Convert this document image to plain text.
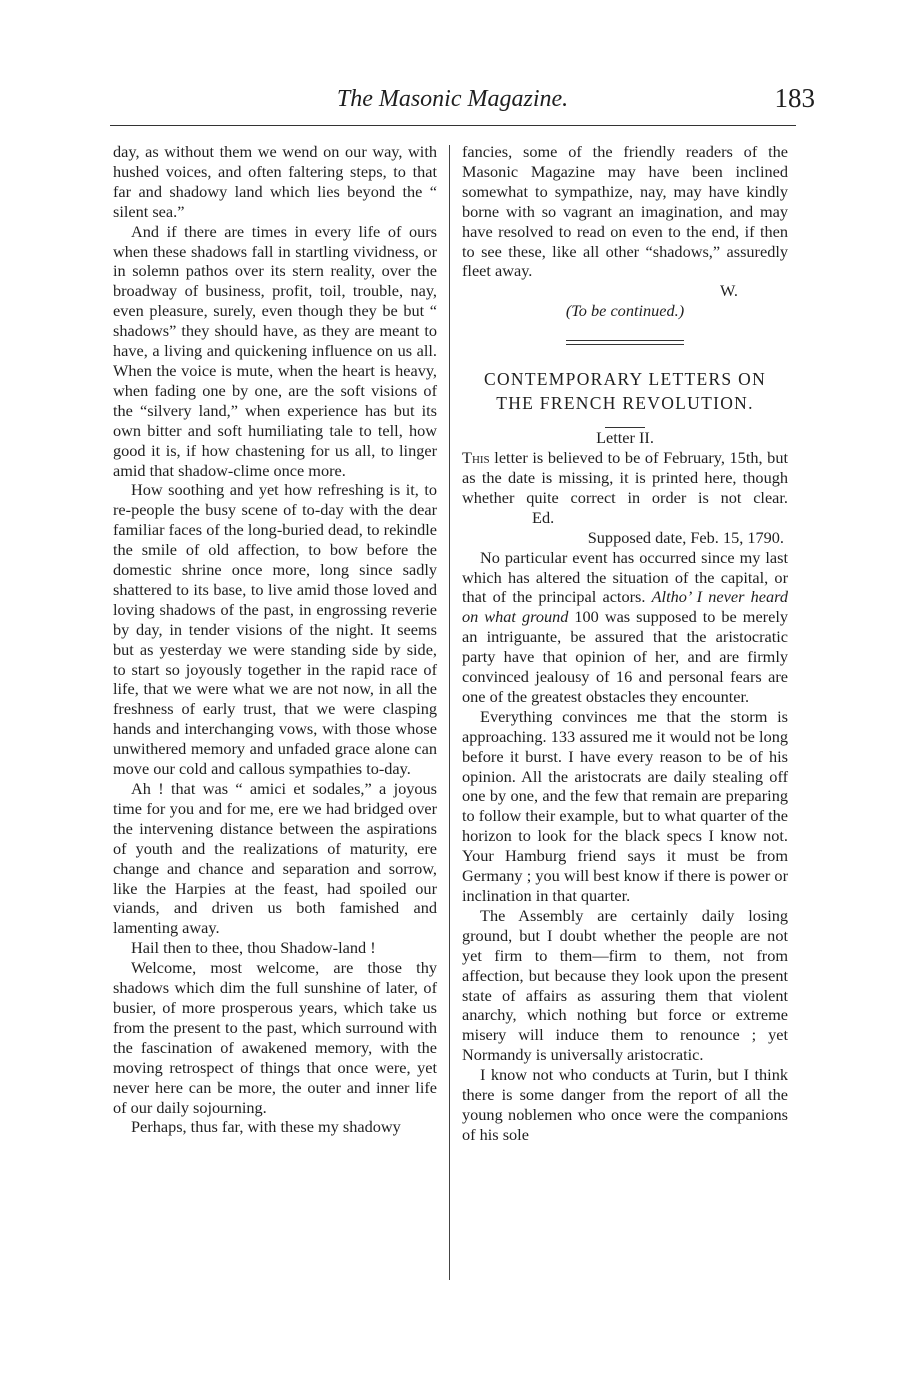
The Masonic Magazine.	183

day, as without them we wend on our way, with hushed voices, and often faltering steps, to that far and shadowy land which lies beyond the “ silent sea.”

And if there are times in every life of ours when these shadows fall in startling vividness, or in solemn pathos over its stern reality, over the broadway of business, profit, toil, trouble, nay, even pleasure, surely, even though they be but “ shadows” they should have, as they are meant to have, a living and quickening influence on us all. When the voice is mute, when the heart is heavy, when fading one by one, are the soft visions of the “silvery land,” when experience has but its own bitter and soft humiliating tale to tell, how good it is, if how chastening for us all, to linger amid that shadow-clime once more.

How soothing and yet how refreshing is it, to re-people the busy scene of to-day with the dear familiar faces of the long-buried dead, to rekindle the smile of old affection, to bow before the domestic shrine once more, long since sadly shattered to its base, to live amid those loved and loving shadows of the past, in engrossing reverie by day, in tender visions of the night. It seems but as yesterday we were standing side by side, to start so joyously together in the rapid race of life, that we were what we are not now, in all the freshness of early trust, that we were clasping hands and interchanging vows, with those whose unwithered memory and unfaded grace alone can move our cold and callous sympathies to-day.

Ah ! that was “ amici et sodales,” a joyous time for you and for me, ere we had bridged over the intervening distance between the aspirations of youth and the realizations of maturity, ere change and chance and separation and sorrow, like the Harpies at the feast, had spoiled our viands, and driven us both famished and lamenting away.

Hail then to thee, thou Shadow-land !

Welcome, most welcome, are those thy shadows which dim the full sunshine of later, of busier, of more prosperous years, which take us from the present to the past, which surround with the fascination of awakened memory, with the moving retrospect of things that once were, yet never here can be more, the outer and inner life of our daily sojourning.

Perhaps, thus far, with these my shadowy

fancies, some of the friendly readers of the Masonic Magazine may have been inclined somewhat to sympathize, nay, may have kindly borne with so vagrant an imagination, and may have resolved to read on even to the end, if then to see these, like all other “shadows,” assuredly fleet away.

W.

(To be continued.)

CONTEMPORARY LETTERS ON
THE FRENCH REVOLUTION.

Letter II.

This letter is believed to be of February, 15th, but as the date is missing, it is printed here, though whether quite correct in order is not clear.Ed.

Supposed date, Feb. 15, 1790.

No particular event has occurred since my last which has altered the situation of the capital, or that of the principal actors. Altho’ I never heard on what ground 100 was supposed to be merely an intriguante, be assured that the aristocratic party have that opinion of her, and are firmly convinced jealousy of 16 and personal fears are one of the greatest obstacles they encounter.

Everything convinces me that the storm is approaching. 133 assured me it would not be long before it burst. I have every reason to be of his opinion. All the aristocrats are daily stealing off one by one, and the few that remain are preparing to follow their example, but to what quarter of the horizon to look for the black specs I know not. Your Hamburg friend says it must be from Germany ; you will best know if there is power or inclination in that quarter.

The Assembly are certainly daily losing ground, but I doubt whether the people are not yet firm to them—firm to them, not from affection, but because they look upon the present state of affairs as assuring them that violent anarchy, which nothing but force or extreme misery will induce them to renounce ; yet Normandy is universally aristocratic.

I know not who conducts at Turin, but I think there is some danger from the report of all the young noblemen who once were the companions of his sole
